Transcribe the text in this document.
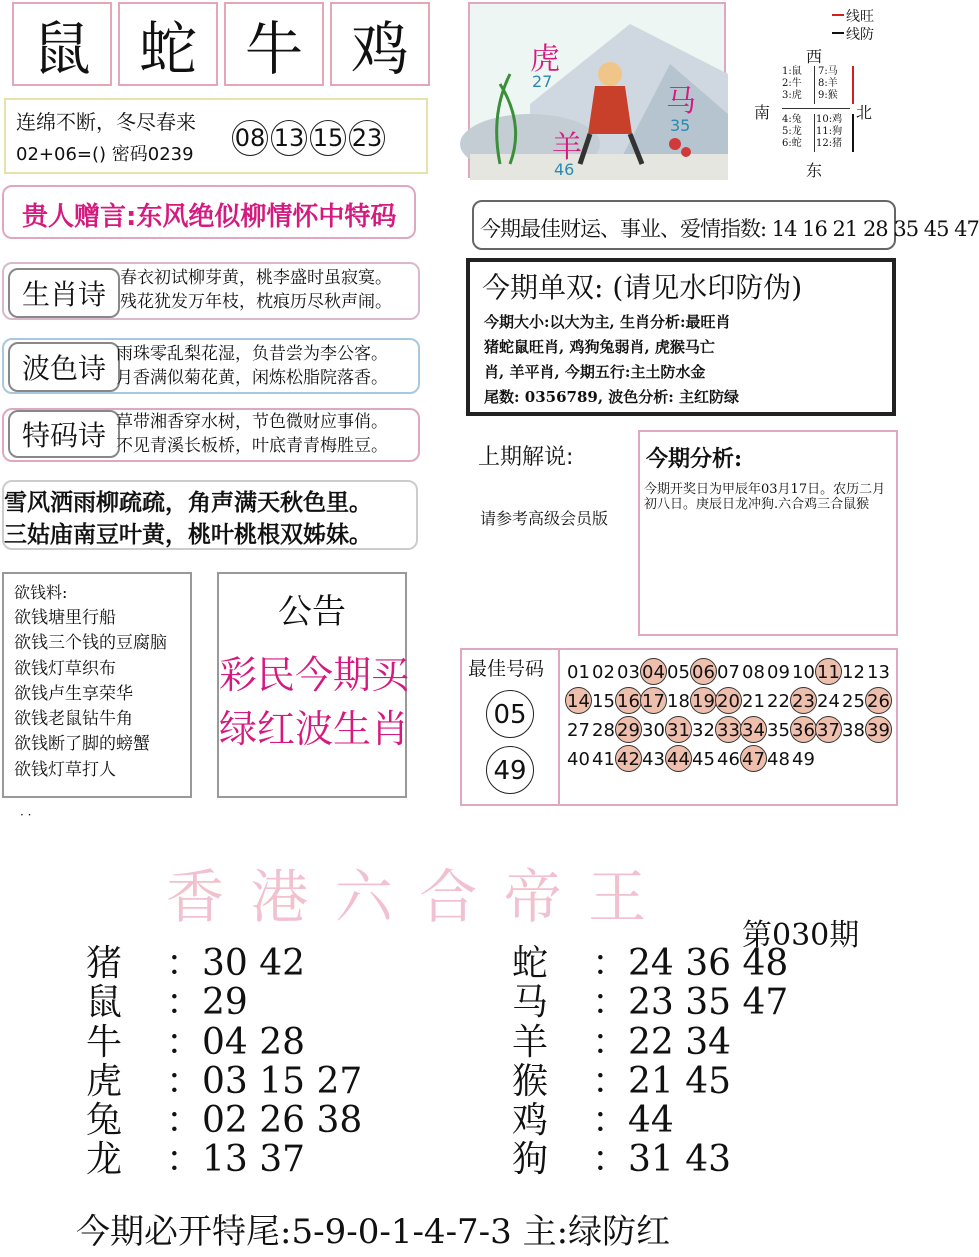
鼠 蛇 牛 鸡
连绵不断，冬尽春来
02+06=() 密码0239
08 13 15 23
贵人赠言:东风绝似柳情怀中特码
生肖诗 春衣初试柳芽黄，桃李盛时虽寂寞。
残花犹发万年枝，枕痕历尽秋声闹。
波色诗 雨珠零乱梨花湿，负昔尝为李公客。
月香满似菊花黄，闲炼松脂院落香。
特码诗 草带湘香穿水树，节色微财应事俏。
不见青溪长板桥，叶底青青梅胜豆。
雪风洒雨柳疏疏，角声满天秋色里。
三姑庙南豆叶黄，桃叶桃根双姊妹。
欲钱料:
欲钱塘里行船
欲钱三个钱的豆腐脑
欲钱灯草织布
欲钱卢生享荣华
欲钱老鼠钻牛角
欲钱断了脚的螃蟹
欲钱灯草打人
公告
彩民今期买
绿红波生肖
· ·
虎
27
马
35
羊
46
线旺
线防
西
南	北
东
1:鼠
2:牛
3:虎
7:马
8:羊
9:猴
4:兔
5:龙
6:蛇
10:鸡
11:狗
12:猪
今期最佳财运、事业、爱情指数: 14 16 21 28 35 45 47
今期单双: (请见水印防伪)
今期大小:以大为主, 生肖分析:最旺肖
猪蛇鼠旺肖, 鸡狗兔弱肖, 虎猴马亡
肖, 羊平肖, 今期五行:主土防水金
尾数: 0356789, 波色分析: 主红防绿
上期解说:
请参考高级会员版
今期分析:
今期开奖日为甲辰年03月17日。农历二月初八日。庚辰日龙冲狗.六合鸡三合鼠猴
最佳号码
05
49
01 02 03 04 05 06 07 08 09 10 11 12 1314 15 16 17 18 19 20 21 22 23 24 25 2627 28 29 30 31 32 33 34 35 36 37 38 3940 41 42 43 44 45 46 47 48 49
香 港 六 合 帝 王
第030期
猪 ：30 42
鼠 ：29
牛 ：04 28
虎 ：03 15 27
兔 ：02 26 38
龙 ：13 37
蛇 ：24 36 48
马 ：23 35 47
羊 ：22 34
猴 ：21 45
鸡 ：44
狗 ：31 43
今期必开特尾:5-9-0-1-4-7-3 主:绿防红
